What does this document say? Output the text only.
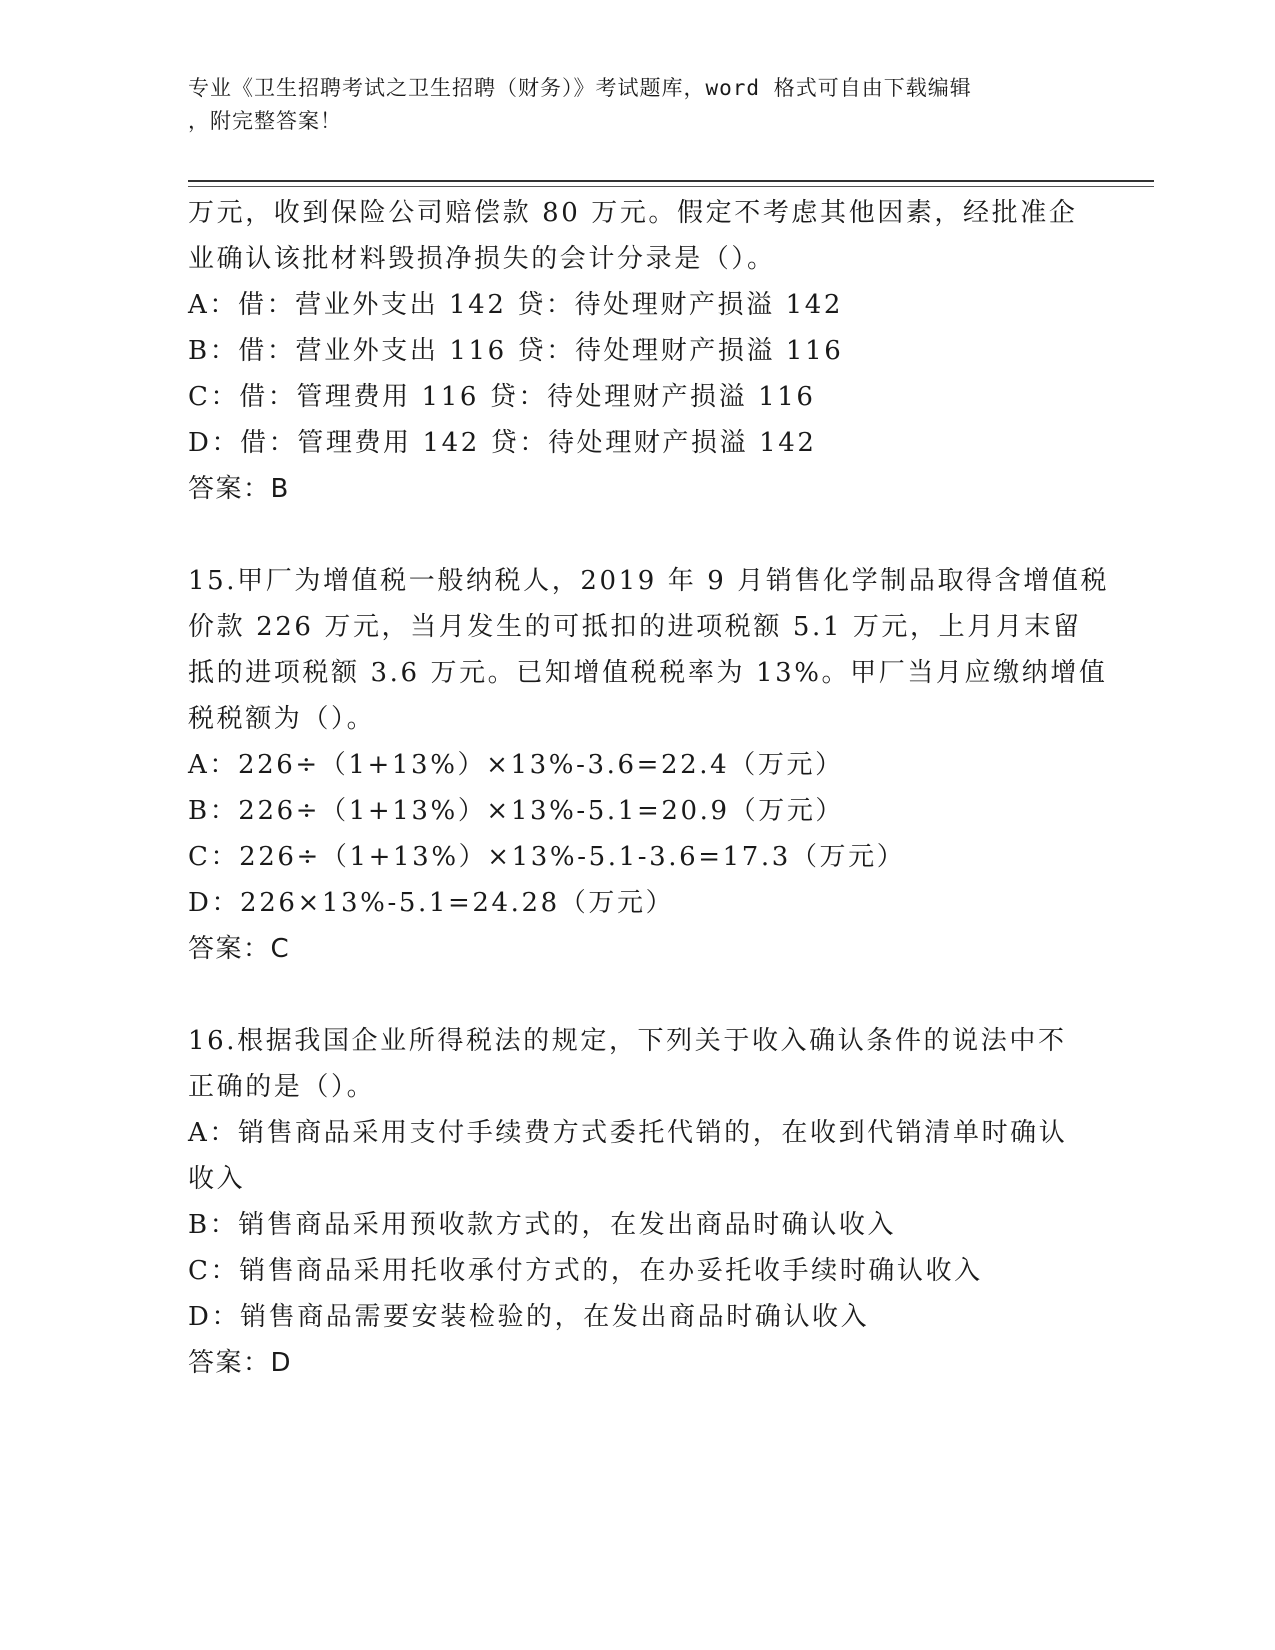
专业《卫生招聘考试之卫生招聘（财务）》考试题库，word 格式可自由下载编辑
，附完整答案！
万元，收到保险公司赔偿款 80 万元。假定不考虑其他因素，经批准企
业确认该批材料毁损净损失的会计分录是（）。
A：借：营业外支出 142 贷：待处理财产损溢 142
B：借：营业外支出 116 贷：待处理财产损溢 116
C：借：管理费用 116 贷：待处理财产损溢 116
D：借：管理费用 142 贷：待处理财产损溢 142
答案：B
15.甲厂为增值税一般纳税人，2019 年 9 月销售化学制品取得含增值税
价款 226 万元，当月发生的可抵扣的进项税额 5.1 万元，上月月末留
抵的进项税额 3.6 万元。已知增值税税率为 13%。甲厂当月应缴纳增值
税税额为（）。
A：226÷（1+13%）×13%-3.6=22.4（万元）
B：226÷（1+13%）×13%-5.1=20.9（万元）
C：226÷（1+13%）×13%-5.1-3.6=17.3（万元）
D：226×13%-5.1=24.28（万元）
答案：C
16.根据我国企业所得税法的规定，下列关于收入确认条件的说法中不
正确的是（）。
A：销售商品采用支付手续费方式委托代销的，在收到代销清单时确认
收入
B：销售商品采用预收款方式的，在发出商品时确认收入
C：销售商品采用托收承付方式的，在办妥托收手续时确认收入
D：销售商品需要安装检验的，在发出商品时确认收入
答案：D
